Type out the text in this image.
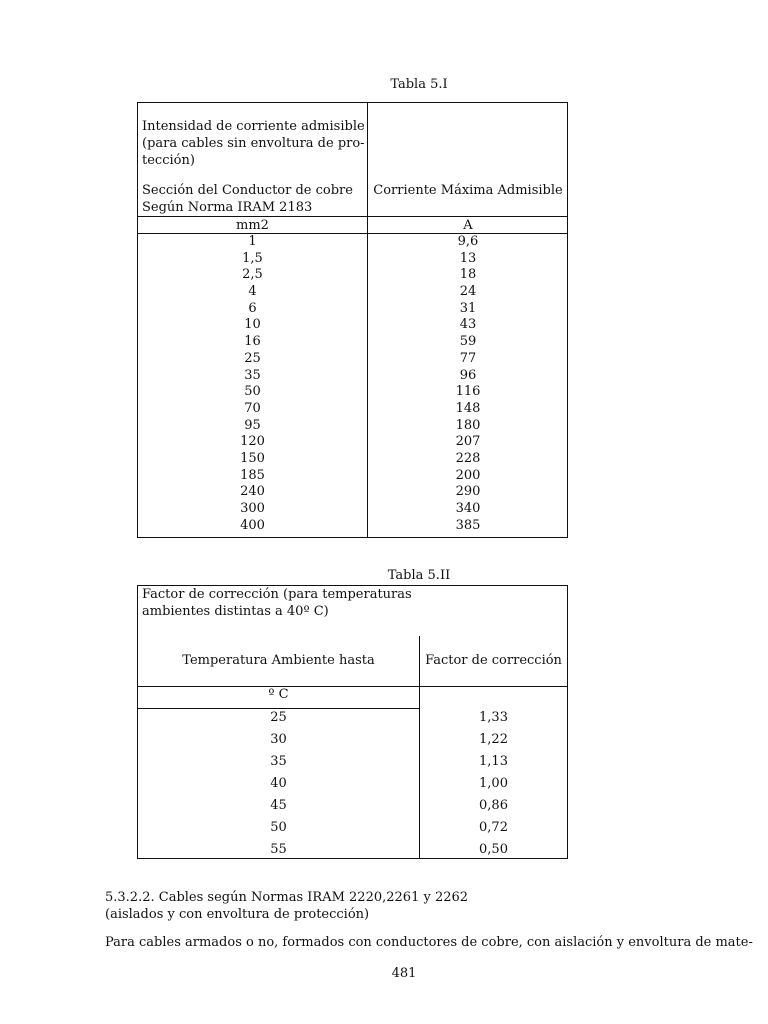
Tabla 5.I
Intensidad de corriente admisible (para cables sin envoltura de pro-tección)
Sección del Conductor de cobre Según Norma IRAM 2183
Corriente Máxima Admisible
mm2	A
1
1,5
2,5
4
6
10
16
25
35
50
70
95
120
150
185
240
300
400
9,6
13
18
24
31
43
59
77
96
116
148
180
207
228
200
290
340
385
Tabla 5.II
Factor de corrección (para temperaturas ambientes distintas a 40º C)
Temperatura Ambiente hasta	Factor de corrección
º C
25
30
35
40
45
50
55
1,33
1,22
1,13
1,00
0,86
0,72
0,50
5.3.2.2. Cables según Normas IRAM 2220,2261 y 2262
(aislados y con envoltura de protección)
Para cables armados o no, formados con conductores de cobre, con aislación y envoltura de mate-
481
